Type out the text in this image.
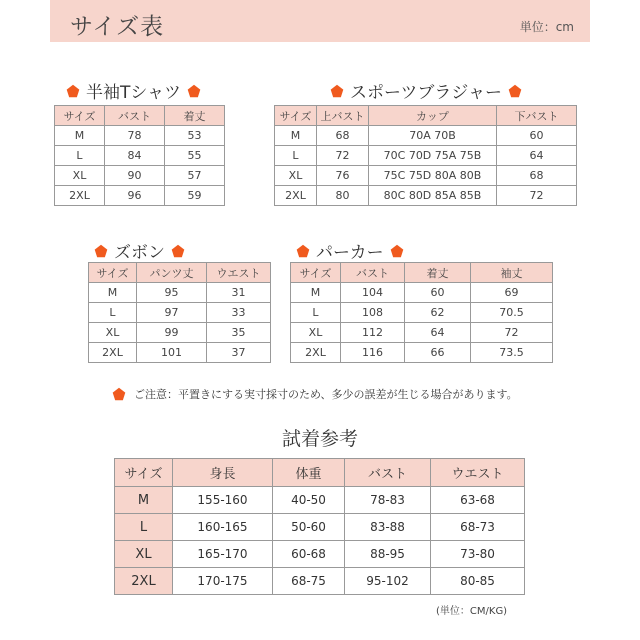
サイズ表	単位：cm
半袖Tシャツ
サイズ	バスト	着丈
M	78	53
L	84	55
XL	90	57
2XL	96	59
スポーツブラジャー
サイズ	上バスト	カップ	下バスト
M	68	70A 70B	60
L	72	70C 70D 75A 75B	64
XL	76	75C 75D 80A 80B	68
2XL	80	80C 80D 85A 85B	72
ズボン
サイズ	パンツ丈	ウエスト
M	95	31
L	97	33
XL	99	35
2XL	101	37
パーカー
サイズ	バスト	着丈	袖丈
M	104	60	69
L	108	62	70.5
XL	112	64	72
2XL	116	66	73.5
ご注意：平置きにする実寸採寸のため、多少の誤差が生じる場合があります。
試着参考
サイズ	身長	体重	バスト	ウエスト
M	155-160	40-50	78-83	63-68
L	160-165	50-60	83-88	68-73
XL	165-170	60-68	88-95	73-80
2XL	170-175	68-75	95-102	80-85
(単位：CM/KG)
